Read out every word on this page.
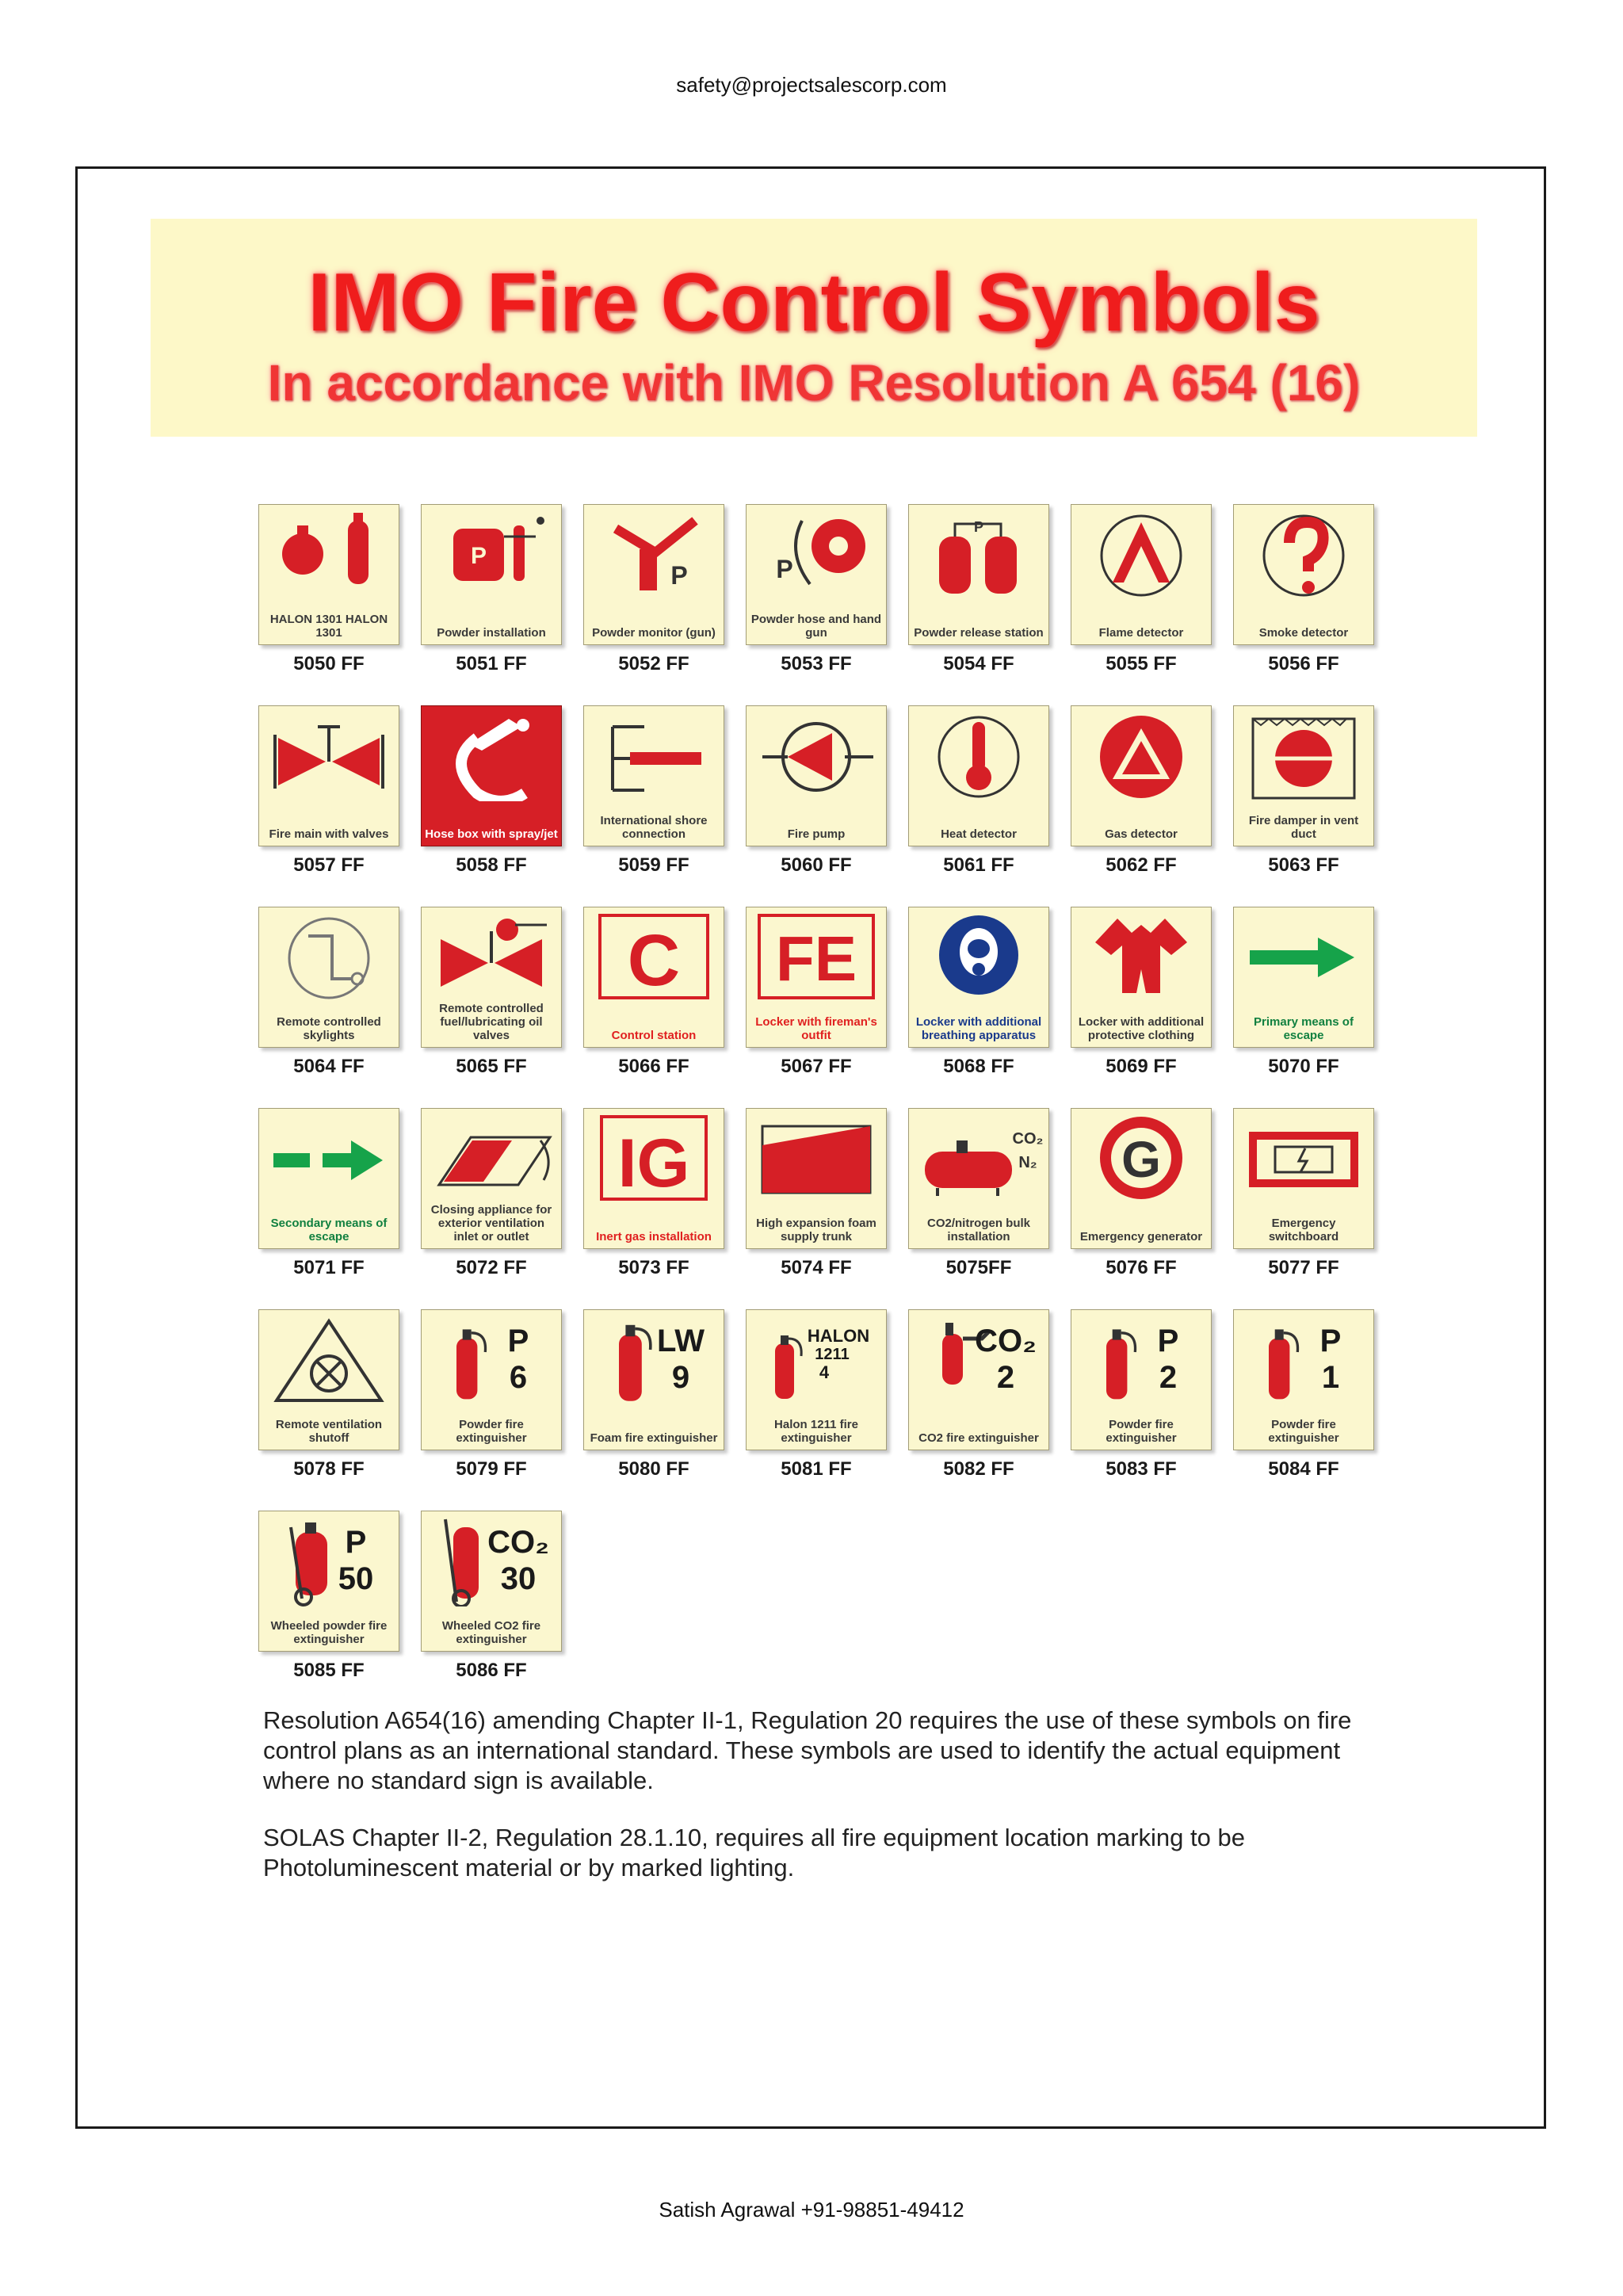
safety@projectsalescorp.com

IMO Fire Control Symbols

In accordance with IMO Resolution A 654 (16)

HALON 1301 HALON 1301
5050 FF
P
Powder installation
5051 FF
P
Powder monitor (gun)
5052 FF
P
Powder hose and hand gun
5053 FF
P
Powder release station
5054 FF
Flame detector
5055 FF
Smoke detector
5056 FF
Fire main with valves
5057 FF
Hose box with spray/jet
5058 FF
International shore connection
5059 FF
Fire pump
5060 FF
Heat detector
5061 FF
Gas detector
5062 FF
Fire damper in vent duct
5063 FF
Remote controlled skylights
5064 FF
Remote controlled fuel/lubricating oil valves
5065 FF
C
Control station
5066 FF
FE
Locker with fireman's outfit
5067 FF
Locker with additional breathing apparatus
5068 FF
Locker with additional protective clothing
5069 FF
Primary means of escape
5070 FF
Secondary means of escape
5071 FF
Closing appliance for exterior ventilation inlet or outlet
5072 FF
IG
Inert gas installation
5073 FF
High expansion foam supply trunk
5074 FF
CO₂
N₂
CO2/nitrogen bulk installation
5075FF
G
Emergency generator
5076 FF
Emergency switchboard
5077 FF
Remote ventilation shutoff
5078 FF
P
6
Powder fire extinguisher
5079 FF
LW
9
Foam fire extinguisher
5080 FF
HALON
1211
4
Halon 1211 fire extinguisher
5081 FF
CO₂
2
CO2 fire extinguisher
5082 FF
P
2
Powder fire extinguisher
5083 FF
P
1
Powder fire extinguisher
5084 FF
P
50
Wheeled powder fire extinguisher
5085 FF
CO₂
30
Wheeled CO2 fire extinguisher
5086 FF

Resolution A654(16) amending Chapter II-1, Regulation 20 requires the use of these symbols on fire control plans as an international standard. These symbols are used to identify the actual equipment where no standard sign is available.

SOLAS Chapter II-2, Regulation 28.1.10, requires all fire equipment location marking to be Photoluminescent material or by marked lighting.

Satish Agrawal +91-98851-49412
